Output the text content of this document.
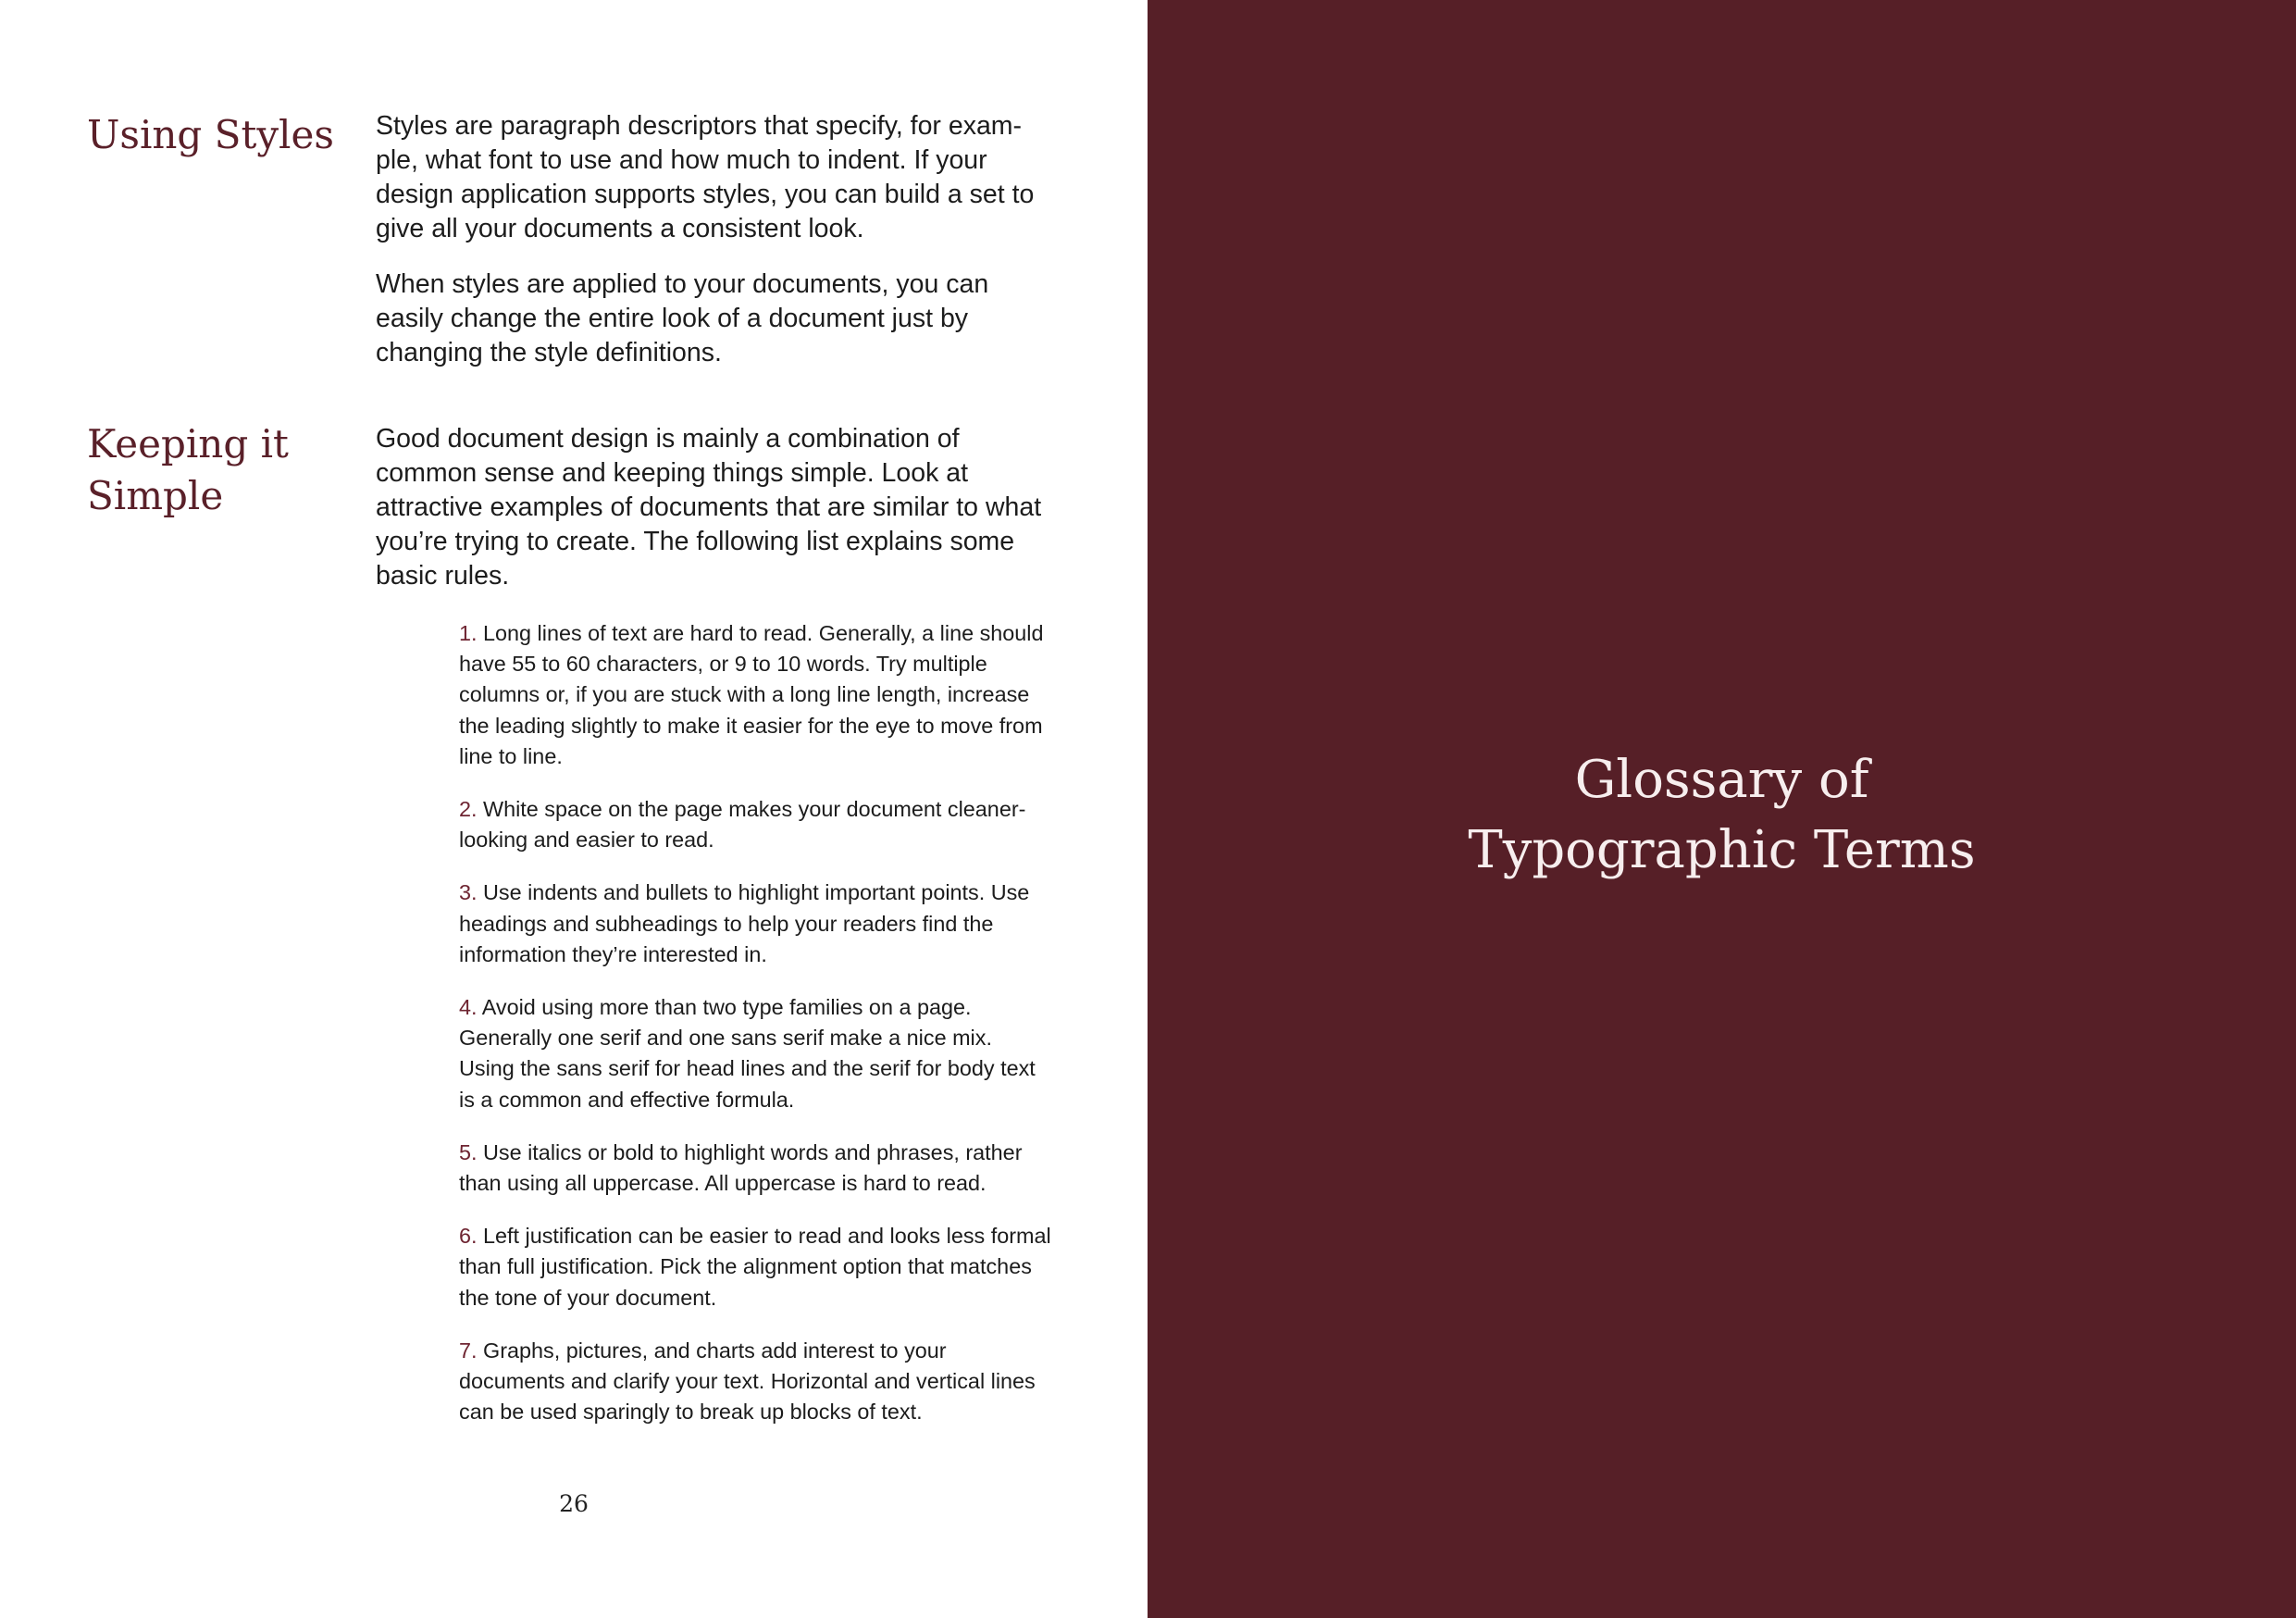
Using Styles	Styles are paragraph descriptors that specify, for exam-ple, what font to use and how much to indent. If your design application supports styles, you can build a set to give all your documents a consistent look.

When styles are applied to your documents, you can easily change the entire look of a document just by changing the style definitions.

Keeping it
Simple

Good document design is mainly a combination of common sense and keeping things simple. Look at attractive examples of documents that are similar to what you’re trying to create. The following list explains some basic rules.

1. Long lines of text are hard to read. Generally, a line should have 55 to 60 characters, or 9 to 10 words. Try multiple columns or, if you are stuck with a long line length, increase the leading slightly to make it easier for the eye to move from line to line.
2. White space on the page makes your document cleaner-looking and easier to read.
3. Use indents and bullets to highlight important points. Use headings and subheadings to help your readers find the information they’re interested in.
4. Avoid using more than two type families on a page. Generally one serif and one sans serif make a nice mix. Using the sans serif for head lines and the serif for body text is a common and effective formula.
5. Use italics or bold to highlight words and phrases, rather than using all uppercase. All uppercase is hard to read.
6. Left justification can be easier to read and looks less formal than full justification. Pick the alignment option that matches the tone of your document.
7. Graphs, pictures, and charts add interest to your documents and clarify your text. Horizontal and vertical lines can be used sparingly to break up blocks of text.
26
Glossary of
Typographic Terms
